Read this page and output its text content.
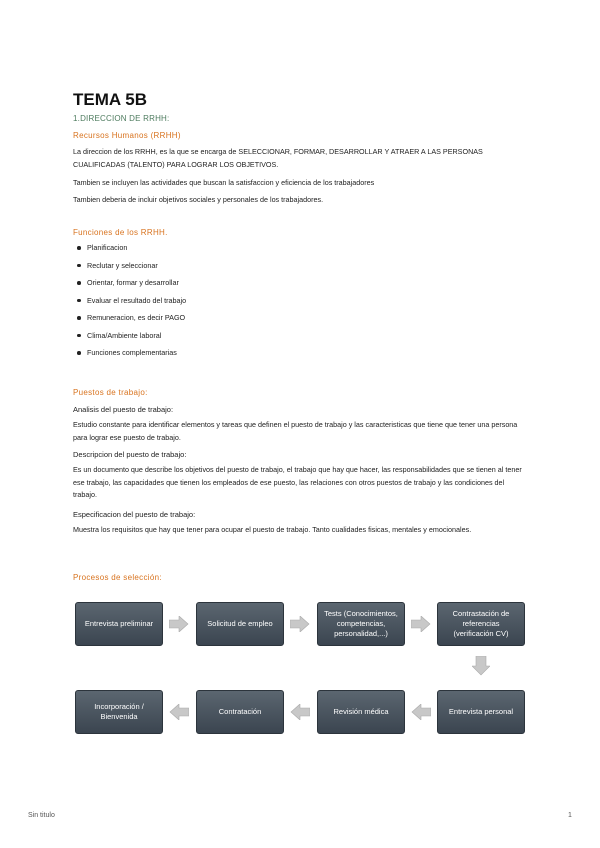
TEMA 5B
1.DIRECCION DE RRHH:
Recursos Humanos (RRHH)
La direccion de los RRHH, es la que se encarga de SELECCIONAR, FORMAR, DESARROLLAR Y ATRAER A LAS PERSONAS CUALIFICADAS (TALENTO) PARA LOGRAR LOS OBJETIVOS.
Tambien se incluyen las actividades que buscan la satisfaccion y eficiencia de los trabajadores
Tambien deberia de incluir objetivos sociales y personales de los trabajadores.
Funciones de los RRHH.
Planificacion
Reclutar y seleccionar
Orientar, formar y desarrollar
Evaluar el resultado del trabajo
Remuneracion, es decir PAGO
Clima/Ambiente laboral
Funciones complementarias
Puestos de trabajo:
Analisis del puesto de trabajo:
Estudio constante para identificar elementos y tareas que definen el puesto de trabajo y las caracteristicas que tiene que tener una persona para lograr ese puesto de trabajo.
Descripcion del puesto de trabajo:
Es un documento que describe los objetivos del puesto de trabajo, el trabajo que hay que hacer, las responsabilidades que se tienen al tener ese trabajo, las capacidades que tienen los empleados de ese puesto, las relaciones con otros puestos de trabajo y las condiciones del trabajo.
Especificacion del puesto de trabajo:
Muestra los requisitos que hay que tener para ocupar el puesto de trabajo. Tanto cualidades fisicas, mentales y emocionales.
Procesos de selección:
Entrevista preliminar	Solicitud de empleo
Tests (Conocimientos, competencias, personalidad,...)
Contrastación de referencias (verificación CV)
Entrevista personal
Revisión médica
Contratación
Incorporación / Bienvenida
Sin titulo	1
